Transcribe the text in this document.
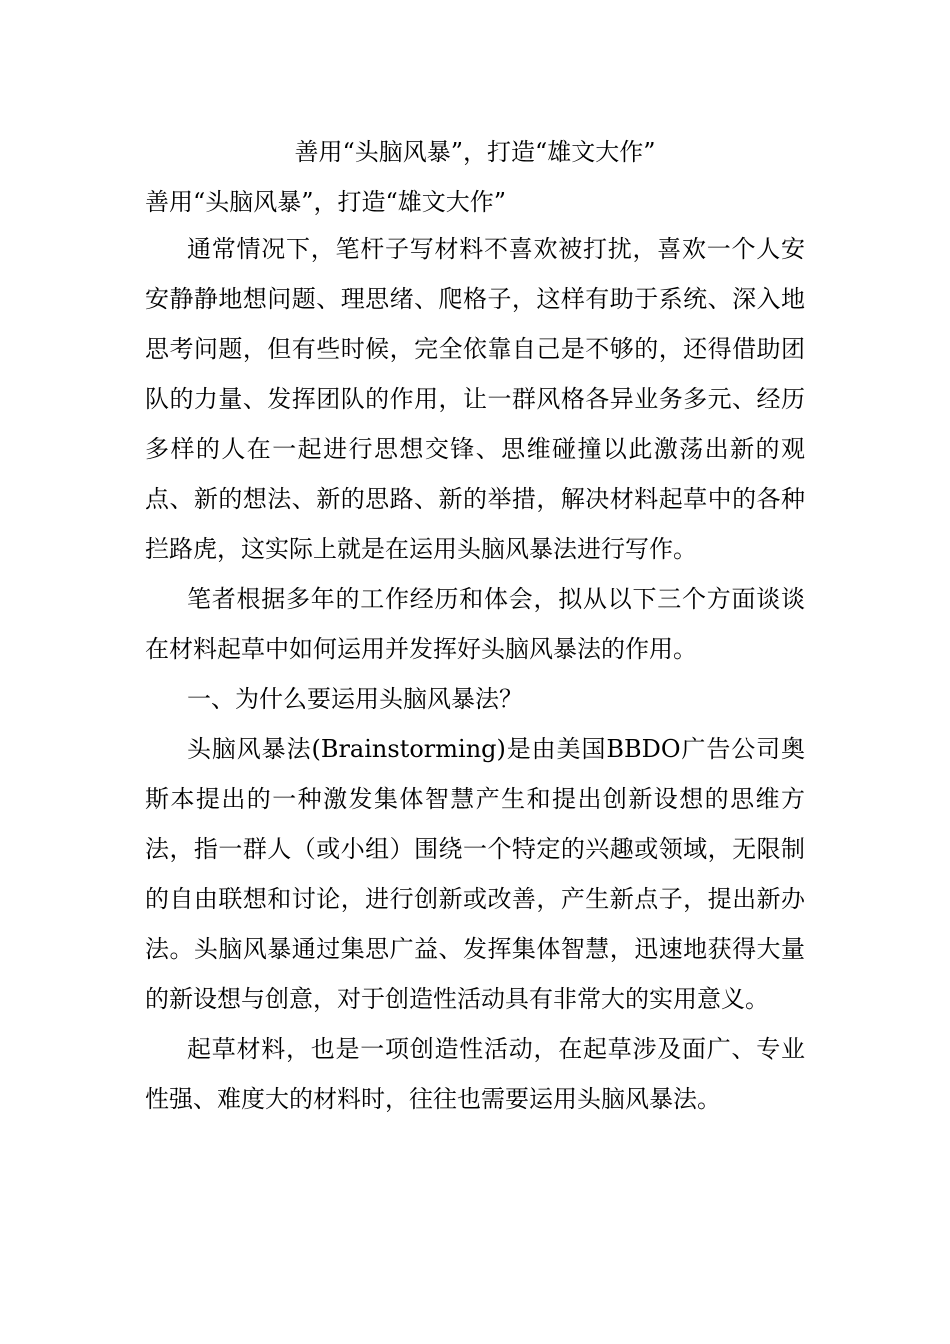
善用“头脑风暴”，打造“雄文大作”
善用“头脑风暴”，打造“雄文大作”

通常情况下，笔杆子写材料不喜欢被打扰，喜欢一个人安安静静地想问题、理思绪、爬格子，这样有助于系统、深入地思考问题，但有些时候，完全依靠自己是不够的，还得借助团队的力量、发挥团队的作用，让一群风格各异业务多元、经历多样的人在一起进行思想交锋、思维碰撞以此激荡出新的观点、新的想法、新的思路、新的举措，解决材料起草中的各种拦路虎，这实际上就是在运用头脑风暴法进行写作。

笔者根据多年的工作经历和体会，拟从以下三个方面谈谈在材料起草中如何运用并发挥好头脑风暴法的作用。

一、为什么要运用头脑风暴法？

头脑风暴法(Brainstorming)是由美国BBDO广告公司奥斯本提出的一种激发集体智慧产生和提出创新设想的思维方法，指一群人（或小组）围绕一个特定的兴趣或领域，无限制的自由联想和讨论，进行创新或改善，产生新点子，提出新办法。头脑风暴通过集思广益、发挥集体智慧，迅速地获得大量的新设想与创意，对于创造性活动具有非常大的实用意义。

起草材料，也是一项创造性活动，在起草涉及面广、专业性强、难度大的材料时，往往也需要运用头脑风暴法。
